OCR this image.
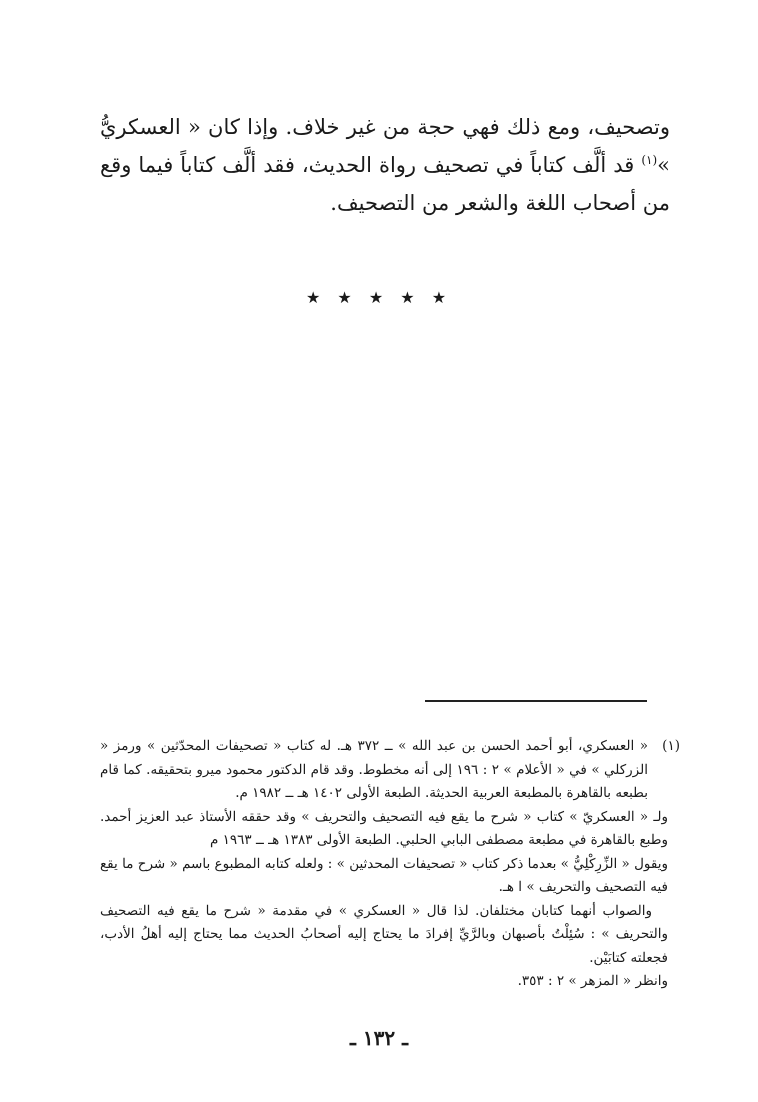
وتصحيف، ومع ذلك فهي حجة من غير خلاف. وإذا كان « العسكريُّ »$^{(١)}$ قد ألَّف كتاباً في تصحيف رواة الحديث، فقد ألَّف كتاباً فيما وقع من أصحاب اللغة والشعر من التصحيف.

★ ★ ★ ★ ★

(١)
« العسكري، أبو أحمد الحسن بن عبد الله » ــ ٣٧٢ هـ. له كتاب « تصحيفات المحدّثين » ورمز « الزركلي » في « الأعلام » ٢ : ١٩٦ إلى أنه مخطوط. وقد قام الدكتور محمود ميرو بتحقيقه. كما قام بطبعه بالقاهرة بالمطبعة العربية الحديثة. الطبعة الأولى ١٤٠٢ هـ ــ ١٩٨٢ م.

ولـ « العسكريّ » كتاب « شرح ما يقع فيه التصحيف والتحريف » وقد حققه الأستاذ عبد العزيز أحمد. وطبع بالقاهرة في مطبعة مصطفى البابي الحلبي. الطبعة الأولى ١٣٨٣ هـ ــ ١٩٦٣ م

ويقول « الزِّرِكْلِيُّ » بعدما ذكر كتاب « تصحيفات المحدثين » : ولعله كتابه المطبوع باسم « شرح ما يقع فيه التصحيف والتحريف » ا هـ.

والصواب أنهما كتابان مختلفان. لذا قال « العسكري » في مقدمة « شرح ما يقع فيه التصحيف والتحريف » : سُئِلْتُ بأصبهان وبالرَّيِّ إفرادَ ما يحتاج إليه أصحابُ الحديث مما يحتاج إليه أهلُ الأدب، فجعلته كتابَيْن.

وانظر « المزهر » ٢ : ٣٥٣.

ـ ١٣٢ ـ
